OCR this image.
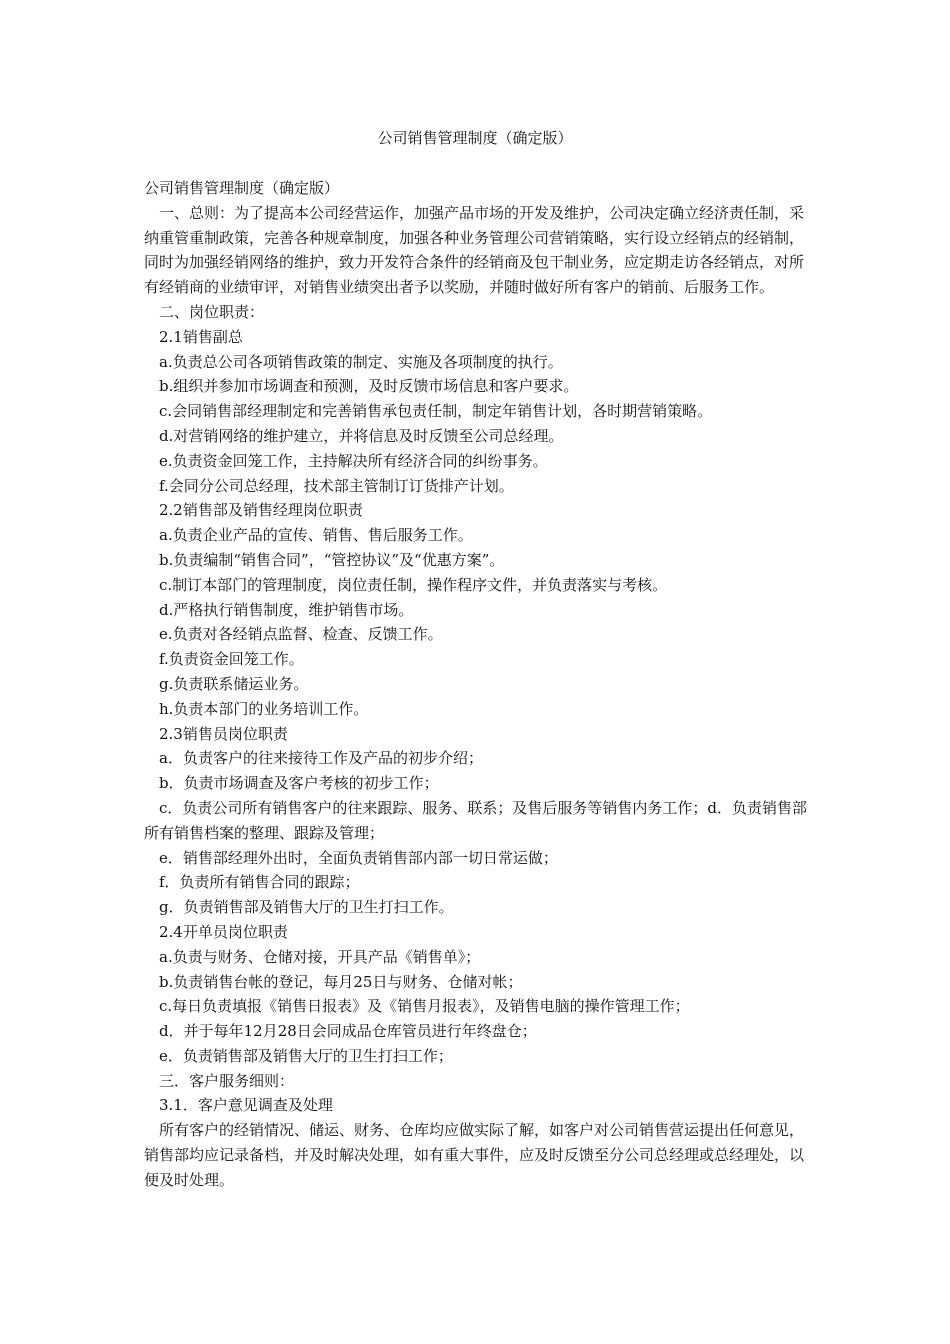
公司销售管理制度（确定版）

公司销售管理制度（确定版）

一、总则：为了提高本公司经营运作，加强产品市场的开发及维护，公司决定确立经济责任制，采纳重管重制政策，完善各种规章制度，加强各种业务管理公司营销策略，实行设立经销点的经销制，同时为加强经销网络的维护，致力开发符合条件的经销商及包干制业务，应定期走访各经销点，对所有经销商的业绩审评，对销售业绩突出者予以奖励，并随时做好所有客户的销前、后服务工作。

二、岗位职责：

2.1销售副总

a.负责总公司各项销售政策的制定、实施及各项制度的执行。

b.组织并参加市场调查和预测，及时反馈市场信息和客户要求。

c.会同销售部经理制定和完善销售承包责任制，制定年销售计划，各时期营销策略。

d.对营销网络的维护建立，并将信息及时反馈至公司总经理。

e.负责资金回笼工作，主持解决所有经济合同的纠纷事务。

f.会同分公司总经理，技术部主管制订订货排产计划。

2.2销售部及销售经理岗位职责

a.负责企业产品的宣传、销售、售后服务工作。

b.负责编制“销售合同”，“管控协议”及“优惠方案”。

c.制订本部门的管理制度，岗位责任制，操作程序文件，并负责落实与考核。

d.严格执行销售制度，维护销售市场。

e.负责对各经销点监督、检查、反馈工作。

f.负责资金回笼工作。

g.负责联系储运业务。

h.负责本部门的业务培训工作。

2.3销售员岗位职责

a．负责客户的往来接待工作及产品的初步介绍；

b．负责市场调查及客户考核的初步工作；

c．负责公司所有销售客户的往来跟踪、服务、联系；及售后服务等销售内务工作；d．负责销售部所有销售档案的整理、跟踪及管理；

e．销售部经理外出时，全面负责销售部内部一切日常运做；

f．负责所有销售合同的跟踪；

g．负责销售部及销售大厅的卫生打扫工作。

2.4开单员岗位职责

a.负责与财务、仓储对接，开具产品《销售单》；

b.负责销售台帐的登记，每月25日与财务、仓储对帐；

c.每日负责填报《销售日报表》及《销售月报表》，及销售电脑的操作管理工作；

d．并于每年12月28日会同成品仓库管员进行年终盘仓；

e．负责销售部及销售大厅的卫生打扫工作；

三．客户服务细则：

3.1．客户意见调查及处理

所有客户的经销情况、储运、财务、仓库均应做实际了解，如客户对公司销售营运提出任何意见，销售部均应记录备档，并及时解决处理，如有重大事件，应及时反馈至分公司总经理或总经理处，以便及时处理。
